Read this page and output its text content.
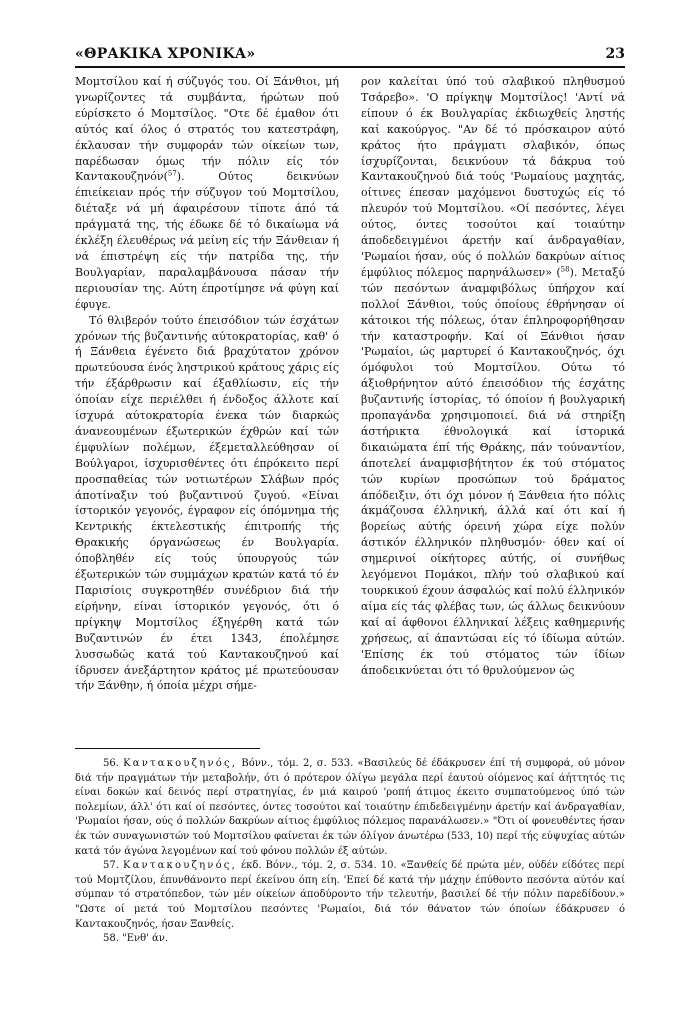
«ΘΡΑΚΙΚΑ ΧΡΟΝΙΚΑ»	23

Μομτσίλου καί ή σύζυγός του. Οί Ξάνθιοι, μή γνωρίζοντες τά συμβάντα, ήρώτων πού εύρίσκετο ό Μομτσίλος. "Οτε δέ έμαθον ότι αύτός καί όλος ό στρατός του κατεστράφη, έκλαυσαν τήν συμφοράν τών οίκείων των, παρέδωσαν όμως τήν πόλιν είς τόν Καντακουζηνόν($^{57}$). Ούτος δεικνύων έπιείκειαν πρός τήν σύζυγον τού Μομτσίλου, διέταξε νά μή άφαιρέσουν τίποτε άπό τά πράγματά της, τής έδωκε δέ τό δικαίωμα νά έκλέξη έλευθέρως νά μείνη είς τήν Ξάνθειαν ή νά έπιστρέψη είς τήν πατρίδα της, τήν Βουλγαρίαν, παραλαμβάνουσα πάσαν τήν περιουσίαν της. Αύτη έπροτίμησε νά φύγη καί έφυγε.

Τό θλιβερόν τούτο έπεισόδιον τών έσχάτων χρόνων τής βυζαντινής αύτοκρατορίας, καθ' ό ή Ξάνθεια έγένετο διά βραχύτατον χρόνον πρωτεύουσα ένός ληστρικού κράτους χάρις είς τήν έξάρθρωσιν καί έξαθλίωσιν, είς τήν όποίαν είχε περιέλθει ή ένδοξος άλλοτε καί ίσχυρά αύτοκρατορία ένεκα τών διαρκώς άνανεουμένων έξωτερικών έχθρών καί τών έμφυλίων πολέμων, έξεμεταλλεύθησαν οί Βούλγαροι, ίσχυρισθέντες ότι έπρόκειτο περί προσπαθείας τών νοτιωτέρων Σλάβων πρός άποτίναξιν τού βυζαντινού ζυγού. «Είναι ίστορικόν γεγονός, έγραφον είς όπόμνημα τής Κεντρικής έκτελεστικής έπιτροπής τής Θρακικής όργανώσεως έν Βουλγαρία. όποβληθέν είς τούς ύπουργούς τών έξωτερικών τών συμμάχων κρατών κατά τό έν Παρισίοις συγκροτηθέν συνέδριον διά τήν είρήνην, είναι ίστορικόν γεγονός, ότι ό πρίγκηψ Μομτσίλος έξηγέρθη κατά τών Βυζαντινών έν έτει 1343, έπολέμησε λυσσωδώς κατά τού Καντακουζηνού καί ίδρυσεν άνεξάρτητον κράτος μέ πρωτεύουσαν τήν Ξάνθην, ή όποία μέχρι σήμε-

ρον καλείται ύπό τού σλαβικού πληθυσμού Τσάρεβο». 'Ο πρίγκηψ Μομτσίλος! 'Αντί νά είπουν ό έκ Βουλγαρίας έκδιωχθείς ληστής καί κακούργος. "Αν δέ τό πρόσκαιρον αύτό κράτος ήτο πράγματι σλαβικόν, όπως ίσχυρίζονται, δεικνύουν τά δάκρυα τού Καντακουζηνού διά τούς 'Ρωμαίους μαχητάς, οίτινες έπεσαν μαχόμενοι δυστυχώς είς τό πλευρόν τού Μομτσίλου. «Οί πεσόντες, λέγει ούτος, όντες τοσούτοι καί τοιαύτην άποδεδειγμένοι άρετήν καί άνδραγαθίαν, 'Ρωμαίοι ήσαν, ούς ό πολλών δακρύων αίτιος έμφύλιος πόλεμος παρηνάλωσεν» ($^{58}$). Μεταξύ τών πεσόντων άναμφιβόλως ύπήρχον καί πολλοί Ξάνθιοι, τούς όποίους έθρήνησαν οί κάτοικοι τής πόλεως, όταν έπληροφορήθησαν τήν καταστροφήν. Καί οί Ξάνθιοι ήσαν 'Ρωμαίοι, ώς μαρτυρεί ό Καντακουζηνός, όχι όμόφυλοι τού Μομτσίλου. Ούτω τό άξιοθρήνητον αύτό έπεισόδιον τής έσχάτης βυζαντινής ίστορίας, τό όποίον ή βουλγαρική προπαγάνδα χρησιμοποιεί. διά νά στηρίξη άστήρικτα έθνολογικά καί ίστορικά δικαιώματα έπί τής Θράκης, πάν τούναντίον, άποτελεί άναμφισβήτητον έκ τού στόματος τών κυρίων προσώπων τού δράματος άπόδειξιν, ότι όχι μόνον ή Ξάνθεια ήτο πόλις άκμάζουσα έλληνική, άλλά καί ότι καί ή βορείως αύτής όρεινή χώρα είχε πολύν άστικόν έλληνικόν πληθυσμόν· όθεν καί οί σημερινοί οίκήτορες αύτής, οί συνήθως λεγόμενοι Πομάκοι, πλήν τού σλαβικού καί τουρκικού έχουν άσφαλώς καί πολύ έλληνικόν αίμα είς τάς φλέβας των, ώς άλλως δεικνύουν καί αί άφθονοι έλληνικαί λέξεις καθημερινής χρήσεως, αί άπαντώσαι είς τό ίδίωμα αύτών. 'Επίσης έκ τού στόματος τών ίδίων άποδεικνύεται ότι τό θρυλούμενον ώς

56. Καντακουζηνός, Βόνν., τόμ. 2, σ. 533. «Βασιλεύς δέ έδάκρυσεν έπί τή συμφορά, ού μόνον διά τήν πραγμάτων τήν μεταβολήν, ότι ό πρότερον όλίγω μεγάλα περί έαυτού οίόμενος καί άήττητός τις είναι δοκών καί δεινός περί στρατηγίας, έν μιά καιρού 'ροπή άτιμος έκειτο συμπατούμενος ύπό τών πολεμίων, άλλ' ότι καί οί πεσόντες, όντες τοσούτοι καί τοιαύτην έπιδεδειγμένην άρετήν καί άνδραγαθίαν, 'Ρωμαίοι ήσαν, ούς ό πολλών δακρύων αίτιος έμφύλιος πόλεμος παρανάλωσεν.» "Ότι οί φονευθέντες ήσαν έκ τών συναγωνιστών τού Μομτσίλου φαίνεται έκ τών όλίγον άνωτέρω (533, 10) περί τής εύψυχίας αύτών κατά τόν άγώνα λεγομένων καί τού φόνου πολλών έξ αύτών.

57. Καντακουζηνός, έκδ. Βόνν., τόμ. 2, σ. 534. 10. «Ξανθείς δέ πρώτα μέν, ούδέν είδότες περί τού Μομτζίλου, έπυνθάνοντο περί έκείνου όπη είη. 'Επεί δέ κατά τήν μάχην έπύθοντο πεσόντα αύτόν καί σύμπαν τό στρατόπεδον, τών μέν οίκείων άποδύροντο τήν τελευτήν, βασιλεί δέ τήν πόλιν παρεδίδουν.» "Ωστε οί μετά τού Μομτσίλου πεσόντες 'Ρωμαίοι, διά τόν θάνατον τών όποίων έδάκρυσεν ό Καντακουζηνός, ήσαν Ξανθείς.

58. "Ενθ' άν.
